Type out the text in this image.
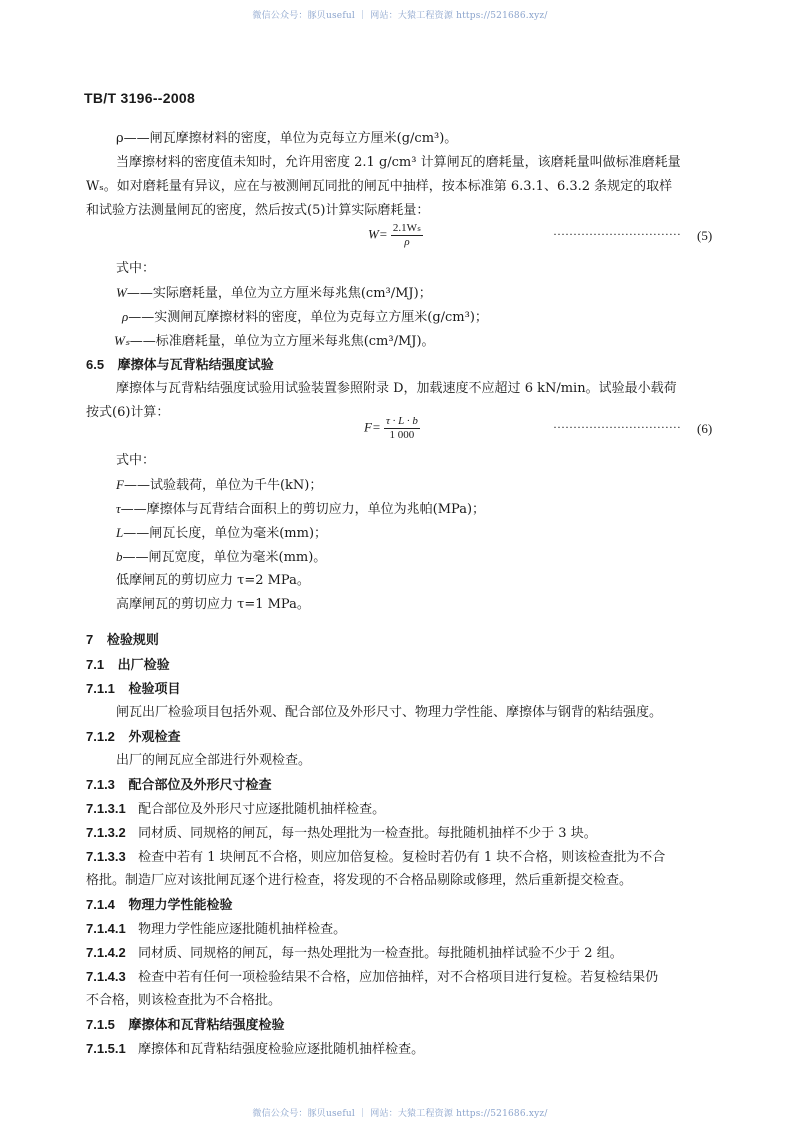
微信公众号：豚贝useful ｜ 网站：大猿工程资源 https://521686.xyz/
TB/T 3196--2008
ρ——闸瓦摩擦材料的密度，单位为克每立方厘米(g/cm³)。
当摩擦材料的密度值未知时，允许用密度 2.1 g/cm³ 计算闸瓦的磨耗量，该磨耗量叫做标准磨耗量
Wₛ。如对磨耗量有异议，应在与被测闸瓦同批的闸瓦中抽样，按本标准第 6.3.1、6.3.2 条规定的取样
和试验方法测量闸瓦的密度，然后按式(5)计算实际磨耗量：
$W= \frac{\text{2.1Wₛ}}{\rho}$	································ (5)
式中：
W——实际磨耗量，单位为立方厘米每兆焦(cm³/MJ)；
ρ——实测闸瓦摩擦材料的密度，单位为克每立方厘米(g/cm³)；
Wₛ——标准磨耗量，单位为立方厘米每兆焦(cm³/MJ)。
6.5 摩擦体与瓦背粘结强度试验
摩擦体与瓦背粘结强度试验用试验装置参照附录 D，加载速度不应超过 6 kN/min。试验最小载荷
按式(6)计算：
$F= \frac{\tau \cdot L \cdot b}{1 000}$	································ (6)
式中：
F——试验载荷，单位为千牛(kN)；
τ——摩擦体与瓦背结合面积上的剪切应力，单位为兆帕(MPa)；
L——闸瓦长度，单位为毫米(mm)；
b——闸瓦宽度，单位为毫米(mm)。
低摩闸瓦的剪切应力 τ=2 MPa。
高摩闸瓦的剪切应力 τ=1 MPa。
7 检验规则
7.1 出厂检验
7.1.1 检验项目
闸瓦出厂检验项目包括外观、配合部位及外形尺寸、物理力学性能、摩擦体与钢背的粘结强度。
7.1.2 外观检查
出厂的闸瓦应全部进行外观检查。
7.1.3 配合部位及外形尺寸检查
7.1.3.1 配合部位及外形尺寸应逐批随机抽样检查。
7.1.3.2 同材质、同规格的闸瓦，每一热处理批为一检查批。每批随机抽样不少于 3 块。
7.1.3.3 检查中若有 1 块闸瓦不合格，则应加倍复检。复检时若仍有 1 块不合格，则该检查批为不合
格批。制造厂应对该批闸瓦逐个进行检查，将发现的不合格品剔除或修理，然后重新提交检查。
7.1.4 物理力学性能检验
7.1.4.1 物理力学性能应逐批随机抽样检查。
7.1.4.2 同材质、同规格的闸瓦，每一热处理批为一检查批。每批随机抽样试验不少于 2 组。
7.1.4.3 检查中若有任何一项检验结果不合格，应加倍抽样，对不合格项目进行复检。若复检结果仍
不合格，则该检查批为不合格批。
7.1.5 摩擦体和瓦背粘结强度检验
7.1.5.1 摩擦体和瓦背粘结强度检验应逐批随机抽样检查。
微信公众号：豚贝useful ｜ 网站：大猿工程资源 https://521686.xyz/
